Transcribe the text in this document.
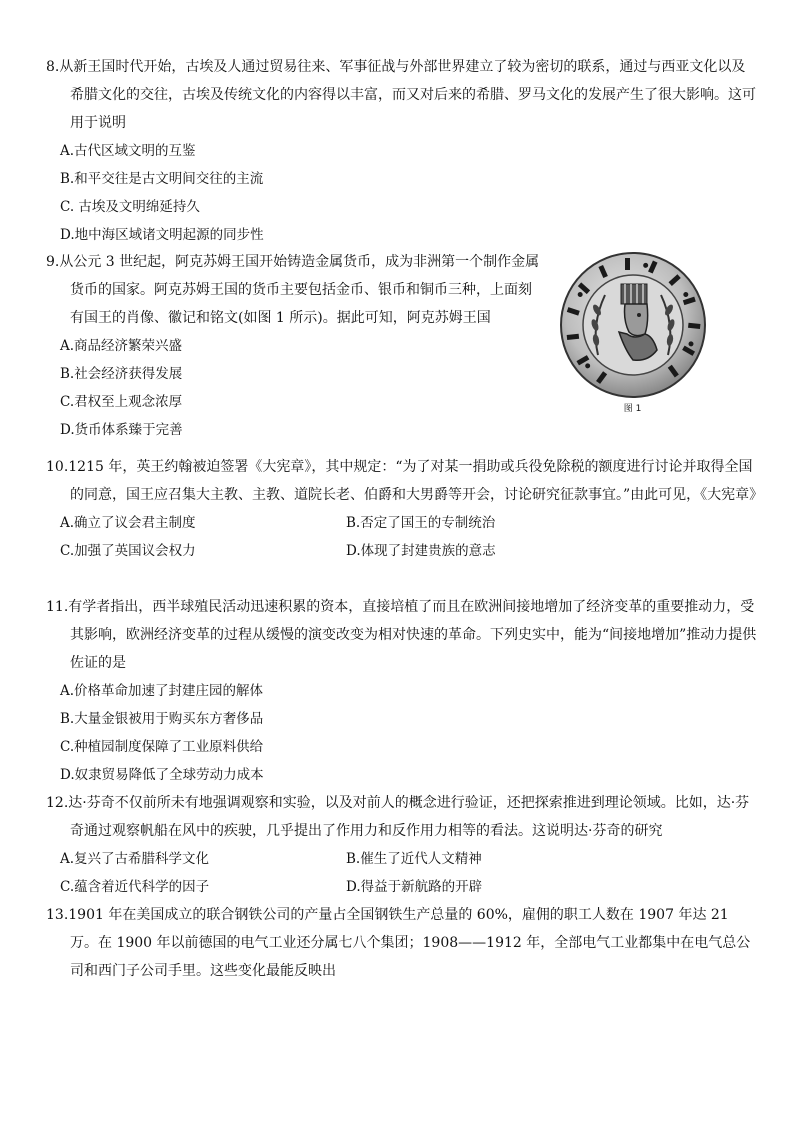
8.从新王国时代开始，古埃及人通过贸易往来、军事征战与外部世界建立了较为密切的联系，通过与西亚文化以及希腊文化的交往，古埃及传统文化的内容得以丰富，而又对后来的希腊、罗马文化的发展产生了很大影响。这可用于说明
A.古代区域文明的互鉴
B.和平交往是古文明间交往的主流
C. 古埃及文明绵延持久
D.地中海区域诸文明起源的同步性
9.从公元 3 世纪起，阿克苏姆王国开始铸造金属货币，成为非洲第一个制作金属货币的国家。阿克苏姆王国的货币主要包括金币、银币和铜币三种，上面刻有国王的肖像、徽记和铭文(如图 1 所示)。据此可知，阿克苏姆王国
A.商品经济繁荣兴盛
B.社会经济获得发展
C.君权至上观念浓厚
D.货币体系臻于完善
图 1
10.1215 年，英王约翰被迫签署《大宪章》，其中规定：“为了对某一捐助或兵役免除税的额度进行讨论并取得全国的同意，国王应召集大主教、主教、道院长老、伯爵和大男爵等开会，讨论研究征款事宜。”由此可见，《大宪章》
A.确立了议会君主制度	B.否定了国王的专制统治
C.加强了英国议会权力	D.体现了封建贵族的意志
11.有学者指出，西半球殖民活动迅速积累的资本，直接培植了而且在欧洲间接地增加了经济变革的重要推动力，受其影响，欧洲经济变革的过程从缓慢的演变改变为相对快速的革命。下列史实中，能为“间接地增加”推动力提供佐证的是
A.价格革命加速了封建庄园的解体
B.大量金银被用于购买东方奢侈品
C.种植园制度保障了工业原料供给
D.奴隶贸易降低了全球劳动力成本
12.达·芬奇不仅前所未有地强调观察和实验，以及对前人的概念进行验证，还把探索推进到理论领域。比如，达·芬奇通过观察帆船在风中的疾驶，几乎提出了作用力和反作用力相等的看法。这说明达·芬奇的研究
A.复兴了古希腊科学文化	B.催生了近代人文精神
C.蕴含着近代科学的因子	D.得益于新航路的开辟
13.1901 年在美国成立的联合钢铁公司的产量占全国钢铁生产总量的 60%，雇佣的职工人数在 1907 年达 21 万。在 1900 年以前德国的电气工业还分属七八个集团；1908——1912 年，全部电气工业都集中在电气总公司和西门子公司手里。这些变化最能反映出
